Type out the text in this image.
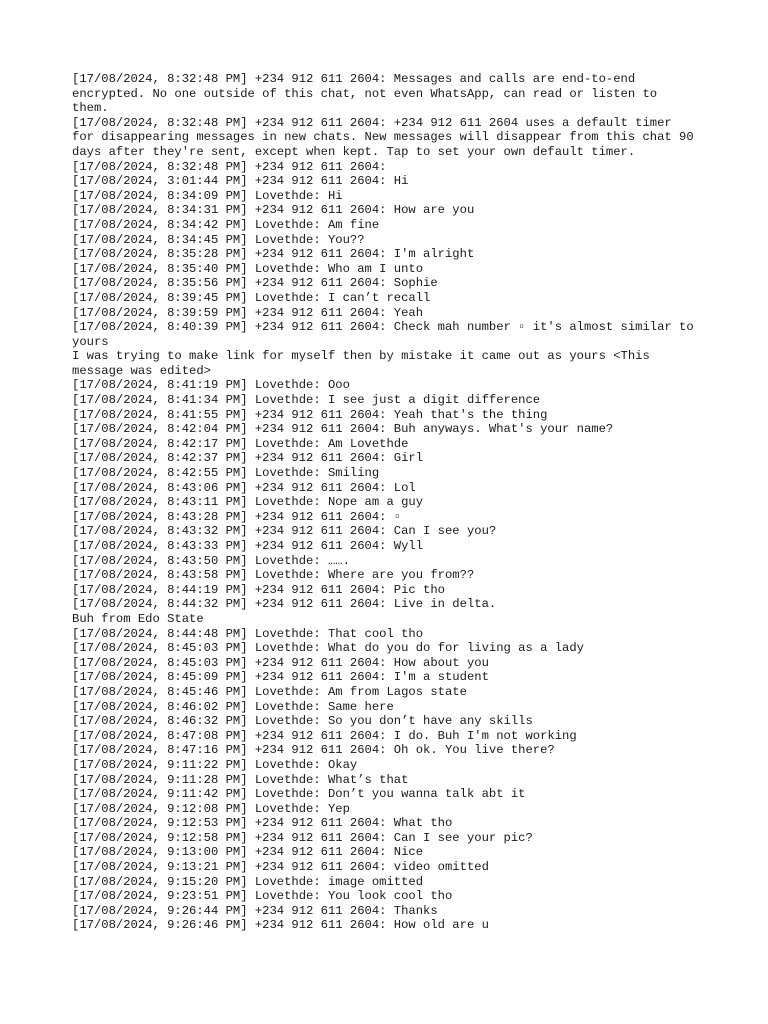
[17/08/2024, 8:32:48 PM] +234 912 611 2604: Messages and calls are end-to-end encrypted. No one outside of this chat, not even WhatsApp, can read or listen to them.

[17/08/2024, 8:32:48 PM] +234 912 611 2604: +234 912 611 2604 uses a default timer for disappearing messages in new chats. New messages will disappear from this chat 90 days after they're sent, except when kept. Tap to set your own default timer.

[17/08/2024, 8:32:48 PM] +234 912 611 2604:

[17/08/2024, 3:01:44 PM] +234 912 611 2604: Hi

[17/08/2024, 8:34:09 PM] Lovethde: Hi

[17/08/2024, 8:34:31 PM] +234 912 611 2604: How are you

[17/08/2024, 8:34:42 PM] Lovethde: Am fine

[17/08/2024, 8:34:45 PM] Lovethde: You??

[17/08/2024, 8:35:28 PM] +234 912 611 2604: I'm alright

[17/08/2024, 8:35:40 PM] Lovethde: Who am I unto

[17/08/2024, 8:35:56 PM] +234 912 611 2604: Sophie

[17/08/2024, 8:39:45 PM] Lovethde: I can’t recall

[17/08/2024, 8:39:59 PM] +234 912 611 2604: Yeah

[17/08/2024, 8:40:39 PM] +234 912 611 2604: Check mah number ▫ it's almost similar to yours

I was trying to make link for myself then by mistake it came out as yours <This message was edited>

[17/08/2024, 8:41:19 PM] Lovethde: Ooo

[17/08/2024, 8:41:34 PM] Lovethde: I see just a digit difference

[17/08/2024, 8:41:55 PM] +234 912 611 2604: Yeah that's the thing

[17/08/2024, 8:42:04 PM] +234 912 611 2604: Buh anyways. What's your name?

[17/08/2024, 8:42:17 PM] Lovethde: Am Lovethde

[17/08/2024, 8:42:37 PM] +234 912 611 2604: Girl

[17/08/2024, 8:42:55 PM] Lovethde: Smiling

[17/08/2024, 8:43:06 PM] +234 912 611 2604: Lol

[17/08/2024, 8:43:11 PM] Lovethde: Nope am a guy

[17/08/2024, 8:43:28 PM] +234 912 611 2604: ▫

[17/08/2024, 8:43:32 PM] +234 912 611 2604: Can I see you?

[17/08/2024, 8:43:33 PM] +234 912 611 2604: Wyll

[17/08/2024, 8:43:50 PM] Lovethde: …….

[17/08/2024, 8:43:58 PM] Lovethde: Where are you from??

[17/08/2024, 8:44:19 PM] +234 912 611 2604: Pic tho

[17/08/2024, 8:44:32 PM] +234 912 611 2604: Live in delta.

Buh from Edo State

[17/08/2024, 8:44:48 PM] Lovethde: That cool tho

[17/08/2024, 8:45:03 PM] Lovethde: What do you do for living as a lady

[17/08/2024, 8:45:03 PM] +234 912 611 2604: How about you

[17/08/2024, 8:45:09 PM] +234 912 611 2604: I'm a student

[17/08/2024, 8:45:46 PM] Lovethde: Am from Lagos state

[17/08/2024, 8:46:02 PM] Lovethde: Same here

[17/08/2024, 8:46:32 PM] Lovethde: So you don’t have any skills

[17/08/2024, 8:47:08 PM] +234 912 611 2604: I do. Buh I'm not working

[17/08/2024, 8:47:16 PM] +234 912 611 2604: Oh ok. You live there?

[17/08/2024, 9:11:22 PM] Lovethde: Okay

[17/08/2024, 9:11:28 PM] Lovethde: What’s that

[17/08/2024, 9:11:42 PM] Lovethde: Don’t you wanna talk abt it

[17/08/2024, 9:12:08 PM] Lovethde: Yep

[17/08/2024, 9:12:53 PM] +234 912 611 2604: What tho

[17/08/2024, 9:12:58 PM] +234 912 611 2604: Can I see your pic?

[17/08/2024, 9:13:00 PM] +234 912 611 2604: Nice

[17/08/2024, 9:13:21 PM] +234 912 611 2604: video omitted

[17/08/2024, 9:15:20 PM] Lovethde: image omitted

[17/08/2024, 9:23:51 PM] Lovethde: You look cool tho

[17/08/2024, 9:26:44 PM] +234 912 611 2604: Thanks

[17/08/2024, 9:26:46 PM] +234 912 611 2604: How old are u
